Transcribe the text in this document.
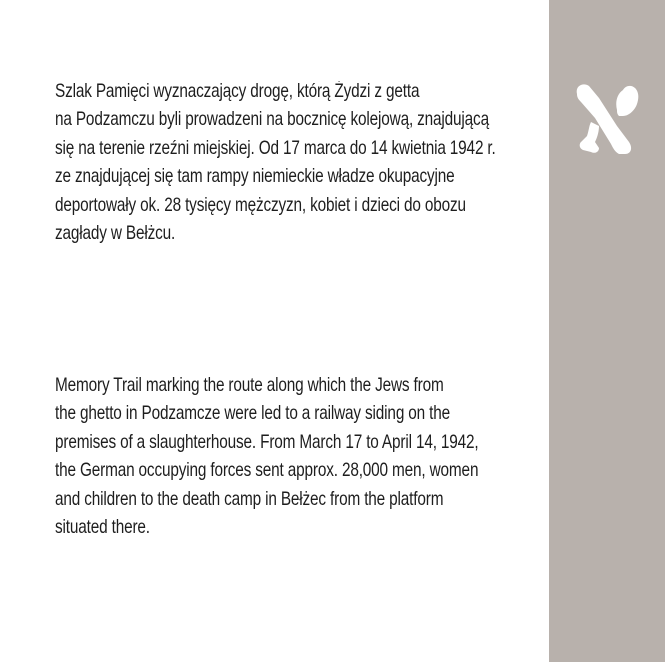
Szlak Pamięci wyznaczający drogę, którą Żydzi z getta
na Podzamczu byli prowadzeni na bocznicę kolejową, znajdującą
się na terenie rzeźni miejskiej. Od 17 marca do 14 kwietnia 1942 r.
ze znajdującej się tam rampy niemieckie władze okupacyjne
deportowały ok. 28 tysięcy mężczyzn, kobiet i dzieci do obozu
zagłady w Bełżcu.
Memory Trail marking the route along which the Jews from
the ghetto in Podzamcze were led to a railway siding on the
premises of a slaughterhouse. From March 17 to April 14, 1942,
the German occupying forces sent approx. 28,000 men, women
and children to the death camp in Bełżec from the platform
situated there.
